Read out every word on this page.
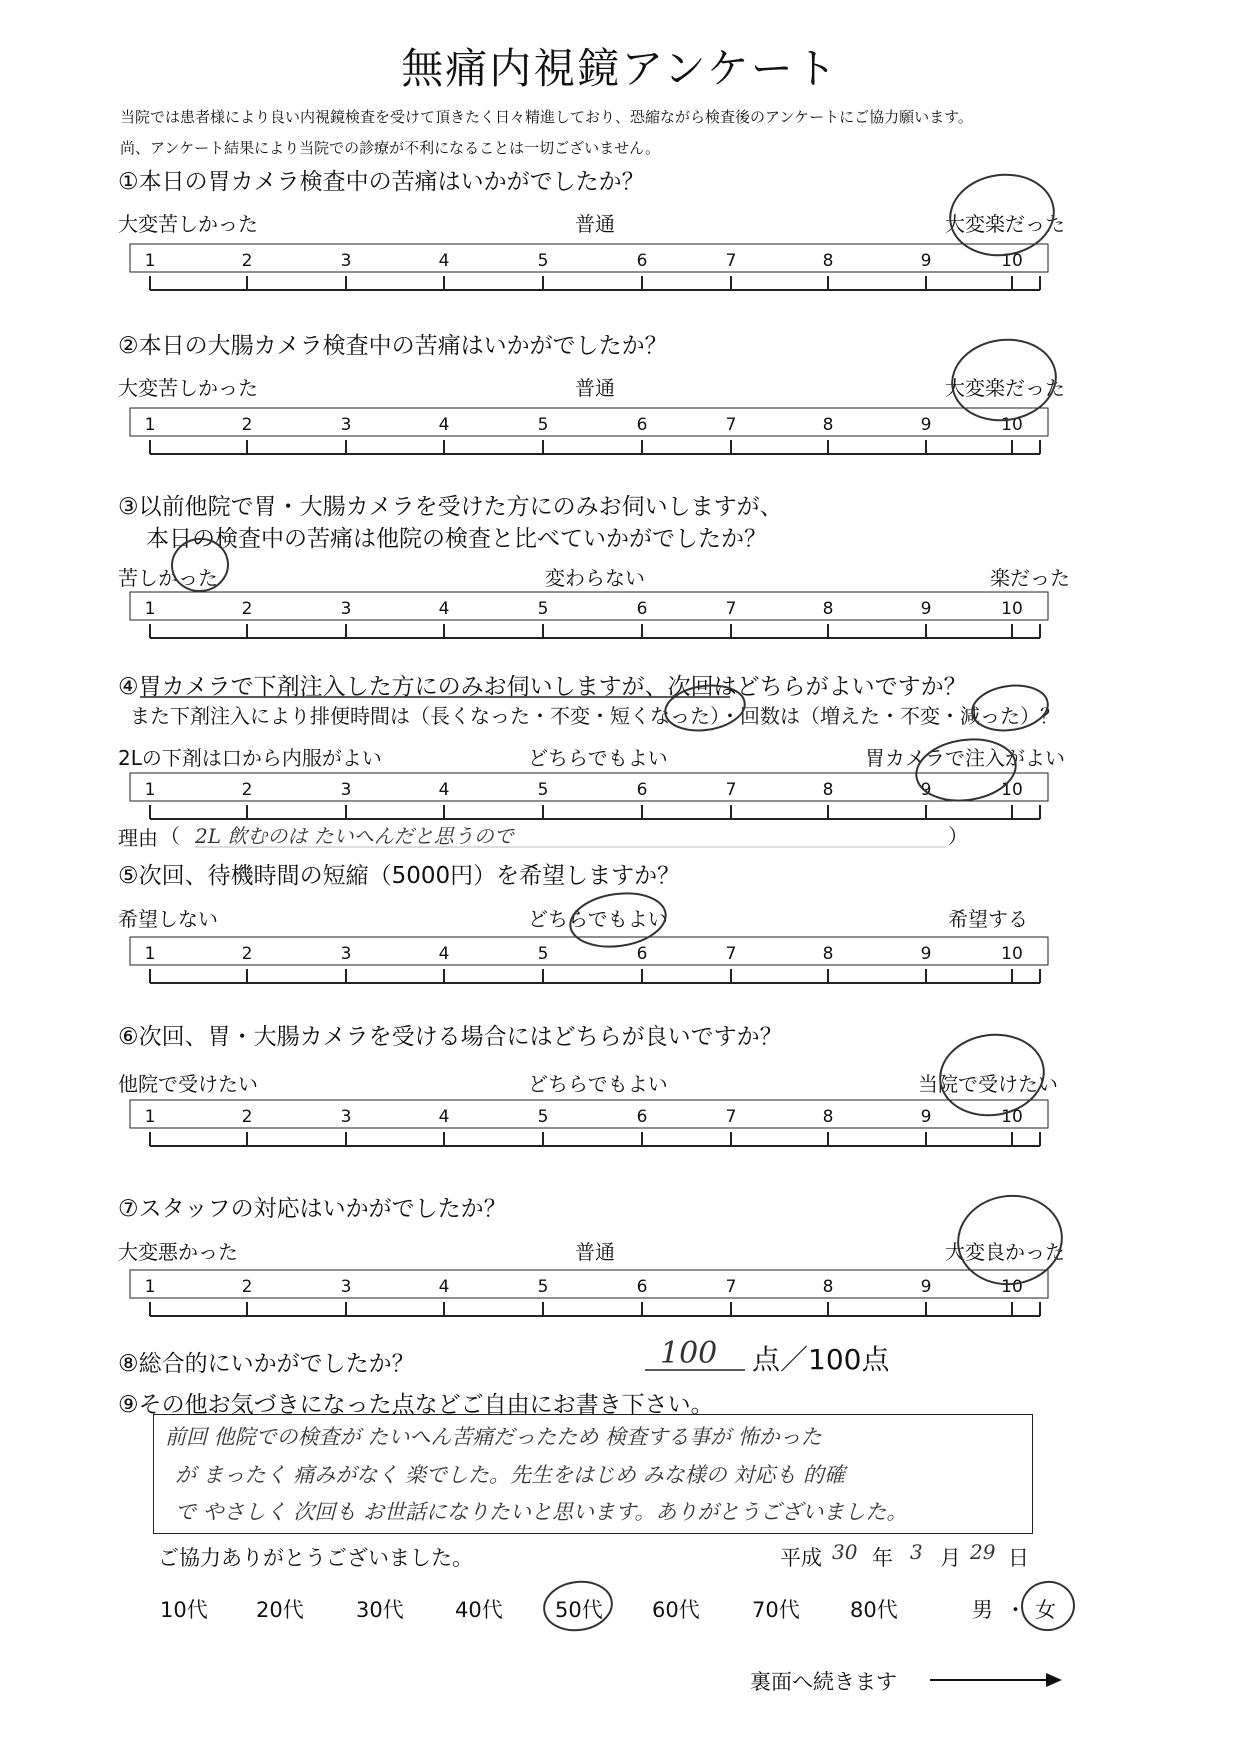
無痛内視鏡アンケート
当院では患者様により良い内視鏡検査を受けて頂きたく日々精進しており、恐縮ながら検査後のアンケートにご協力願います。
尚、アンケート結果により当院での診療が不利になることは一切ございません。
①本日の胃カメラ検査中の苦痛はいかがでしたか？
大変苦しかった	普通	大変楽だった
②本日の大腸カメラ検査中の苦痛はいかがでしたか？
大変苦しかった	普通	大変楽だった
③以前他院で胃・大腸カメラを受けた方にのみお伺いしますが、
本日の検査中の苦痛は他院の検査と比べていかがでしたか？
苦しかった	変わらない	楽だった
④胃カメラで下剤注入した方にのみお伺いしますが、次回はどちらがよいですか？
また下剤注入により排便時間は（長くなった・不変・短くなった）・回数は（増えた・不変・減った）？
2Lの下剤は口から内服がよい	どちらでもよい	胃カメラで注入がよい
理由 （ 2L 飲むのは たいへんだと思うので	）
⑤次回、待機時間の短縮（5000円）を希望しますか？
希望しない	どちらでもよい	希望する
⑥次回、胃・大腸カメラを受ける場合にはどちらが良いですか？
他院で受けたい	どちらでもよい	当院で受けたい
⑦スタッフの対応はいかがでしたか？
大変悪かった	普通	大変良かった
⑧総合的にいかがでしたか？	100 点／100点
⑨その他お気づきになった点などご自由にお書き下さい。
前回 他院での検査が たいへん苦痛だったため 検査する事が 怖かった
が まったく 痛みがなく 楽でした。先生をはじめ みな様の 対応も 的確
で やさしく 次回も お世話になりたいと思います。ありがとうございました。
ご協力ありがとうございました。	平成 30 年 3 月 29 日
10代 20代 30代 40代 50代 60代 70代 80代	男 ・ 女
裏面へ続きます
1	2	3	4	5	6	7	8	9	10
1	2	3	4	5	6	7	8	9	10
1	2	3	4	5	6	7	8	9	10
1	2	3	4	5	6	7	8	9	10
1	2	3	4	5	6	7	8	9	10
1	2	3	4	5	6	7	8	9	10
1	2	3	4	5	6	7	8	9	10
